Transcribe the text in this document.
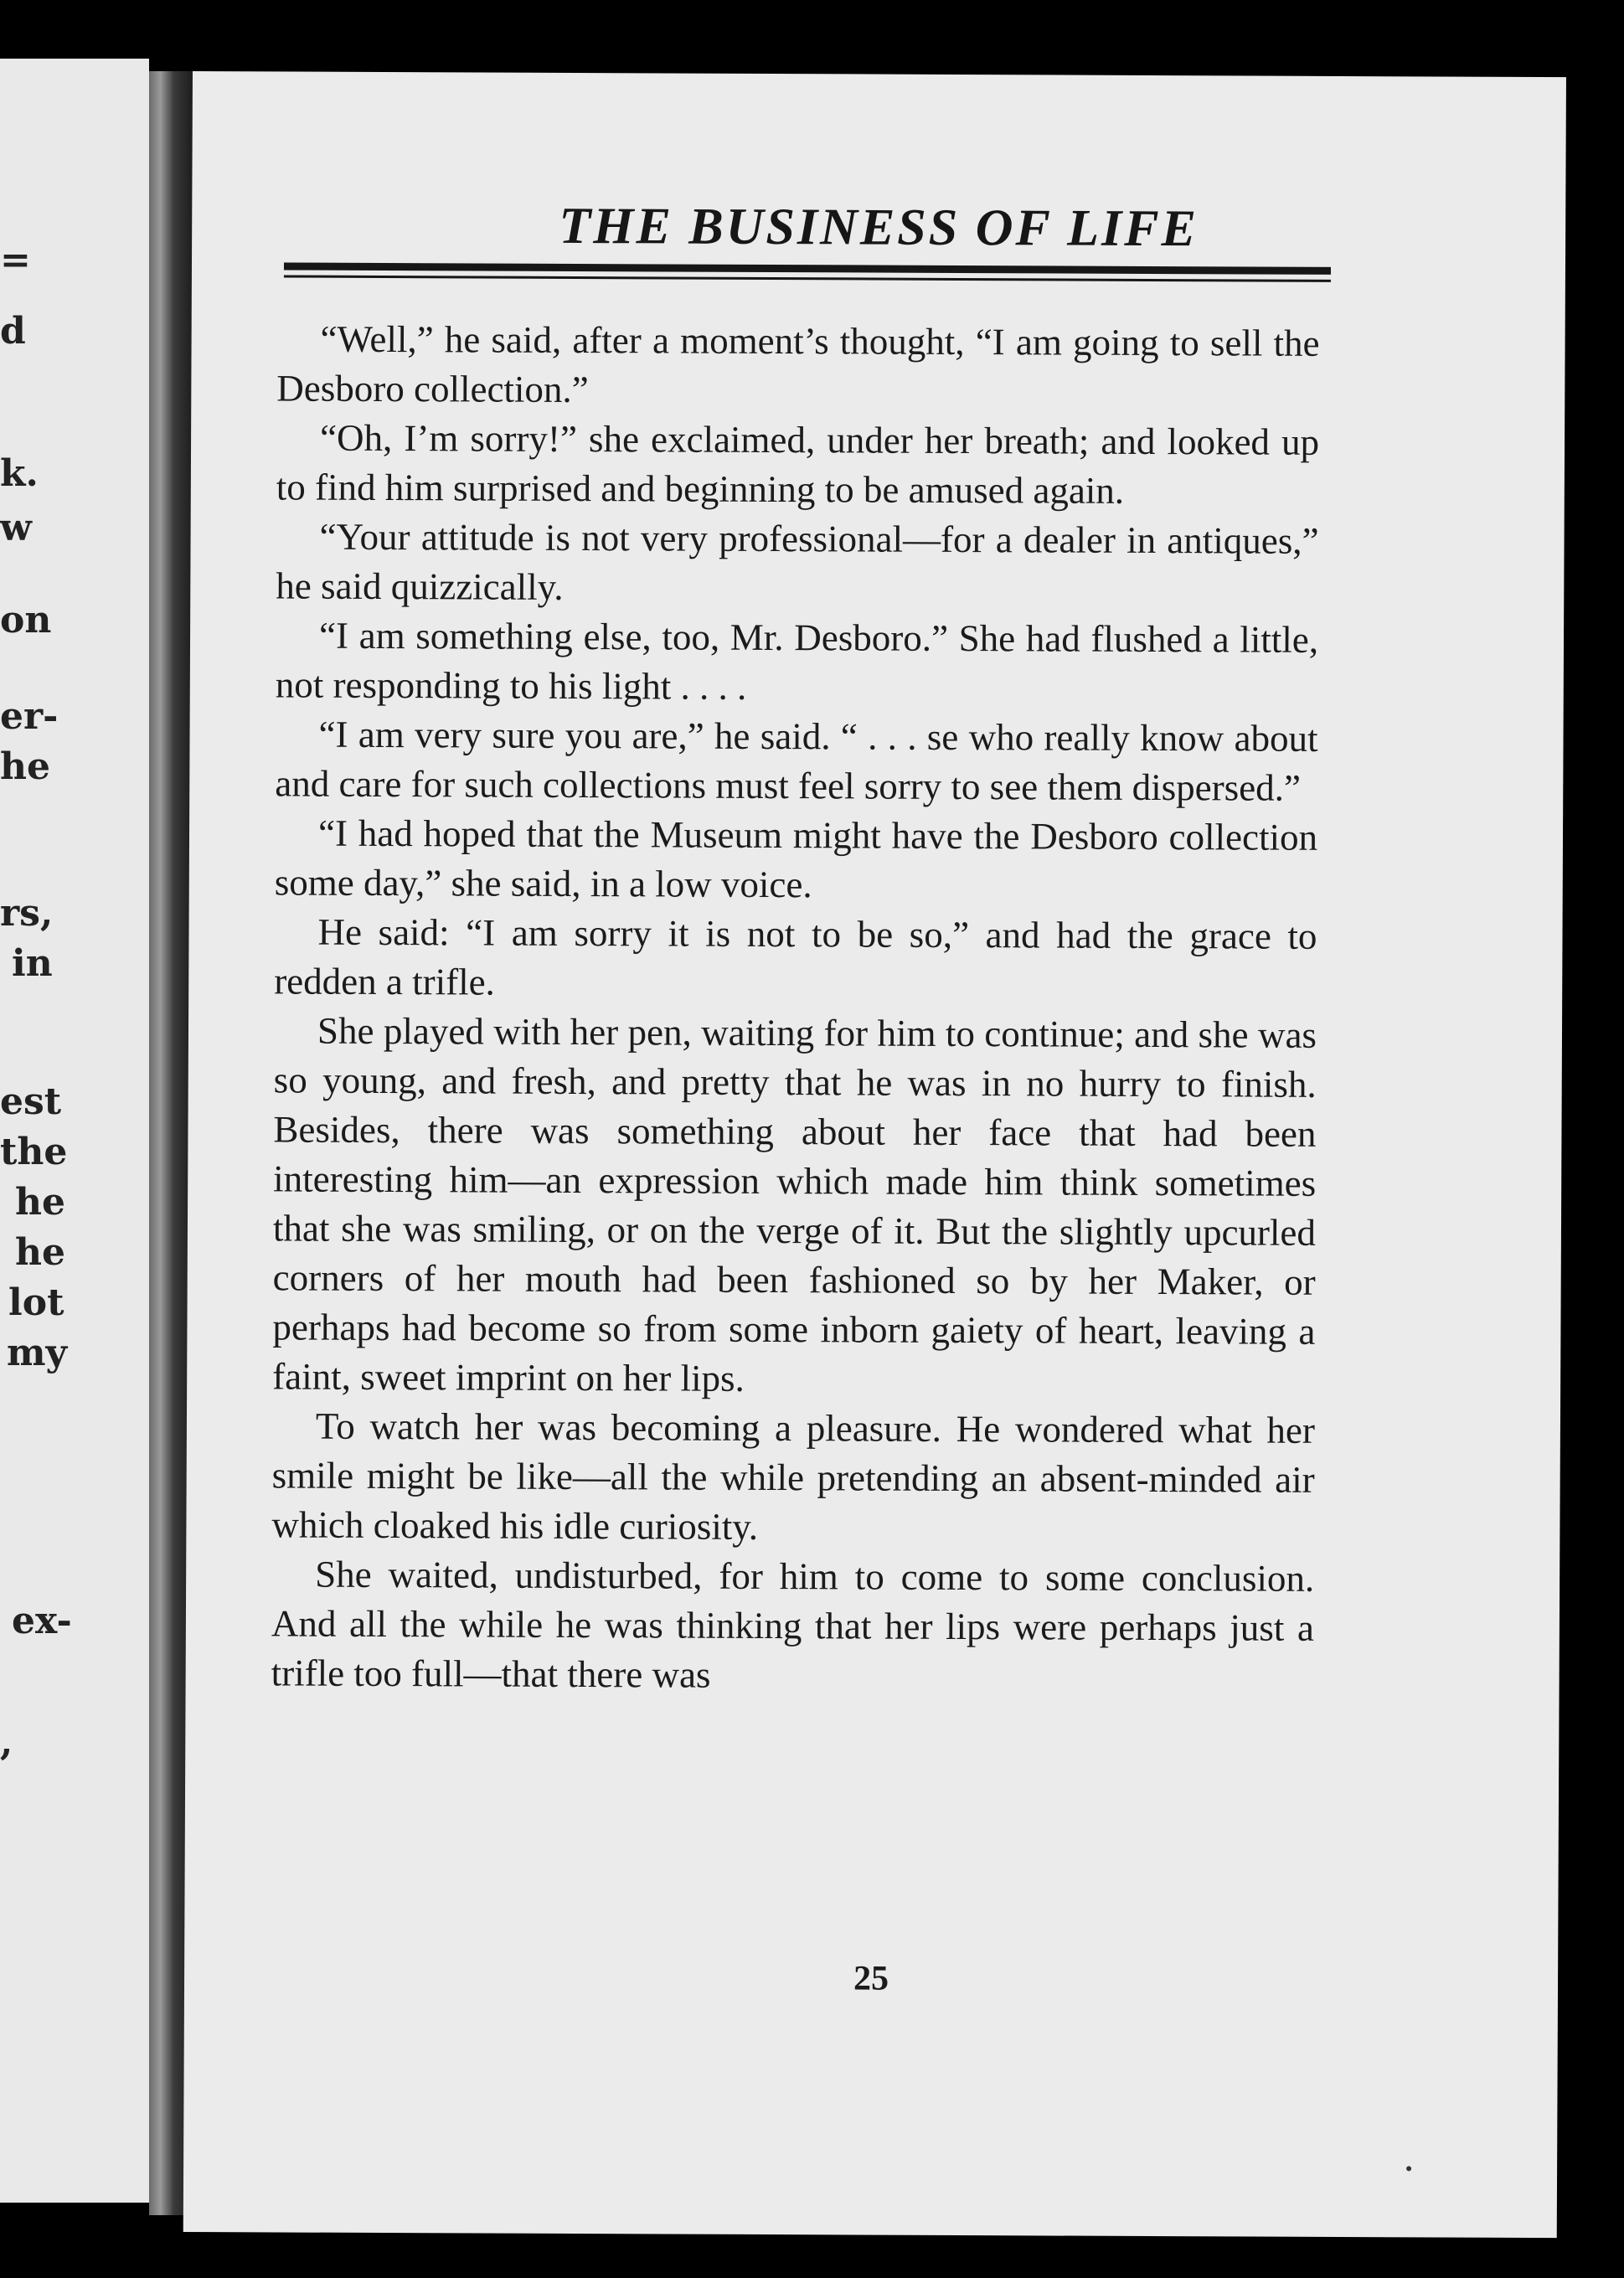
=
d
k.
w
on
er-
he
rs,
in
est
the
he
he
lot
my
ex-
,
THE BUSINESS OF LIFE

“Well,” he said, after a moment’s thought, “I am going to sell the Desboro collection.”

“Oh, I’m sorry!” she exclaimed, under her breath; and looked up to find him surprised and beginning to be amused again.

“Your attitude is not very professional—for a dealer in antiques,” he said quizzically.

“I am something else, too, Mr. Desboro.” She had flushed a little, not responding to his light . . . .

“I am very sure you are,” he said. “ . . . se who really know about and care for such collections must feel sorry to see them dispersed.”

“I had hoped that the Museum might have the Desboro collection some day,” she said, in a low voice.

He said: “I am sorry it is not to be so,” and had the grace to redden a trifle.

She played with her pen, waiting for him to continue; and she was so young, and fresh, and pretty that he was in no hurry to finish. Besides, there was something about her face that had been interesting him—an expression which made him think sometimes that she was smiling, or on the verge of it. But the slightly upcurled corners of her mouth had been fashioned so by her Maker, or perhaps had become so from some inborn gaiety of heart, leaving a faint, sweet imprint on her lips.

To watch her was becoming a pleasure. He wondered what her smile might be like—all the while pretending an absent-minded air which cloaked his idle curiosity.

She waited, undisturbed, for him to come to some conclusion. And all the while he was thinking that her lips were perhaps just a trifle too full—that there was

25
